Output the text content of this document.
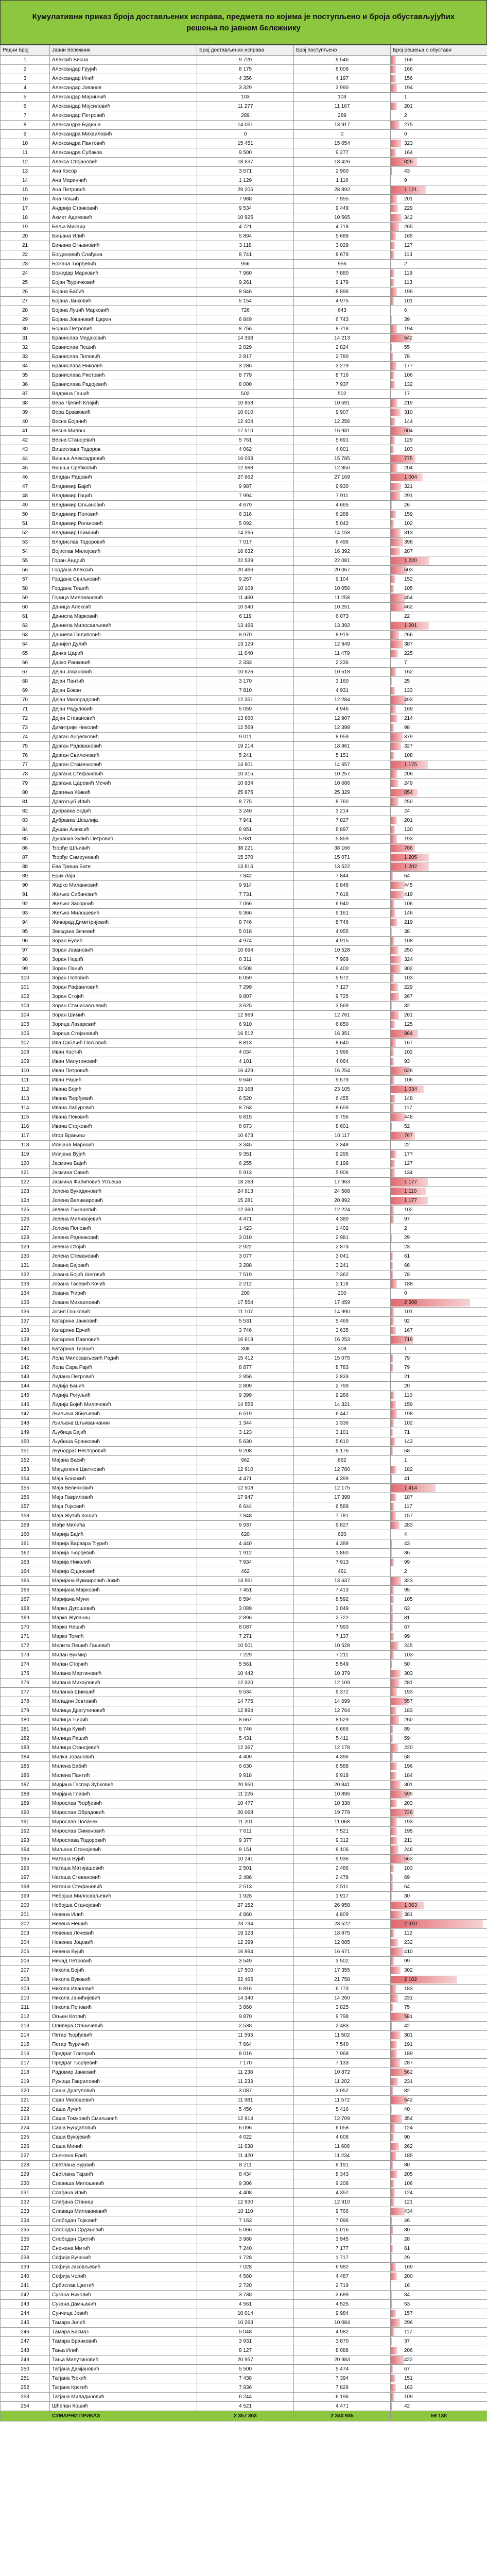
Кумулативни приказ броја достављених исправа, предмета по којима је поступљено и броја обустављујућих решења по јавном бележнику
Редни број	Јавни бележник	Број достављених исправа	Број поступљено	Број решења о обустави
1	Алексић Весна	9 720	9 546	166
2	Александар Грујић	8 175	8 008	166
3	Александар Илић	4 356	4 197	156
4	Александар Јованов	3 329	3 990	194
5	Александар Маринчић	103	103	1
6	Александар Мојсиловић	11 277	11 167	201
7	Александар Петровић	289	289	2
8	Александра Будиша	14 051	13 917	275
9	Александра Михаиловић	0	0	0
10	Александра Пантовић	15 451	15 054	323
11	Александра Субаков	9 500	9 277	164
12	Алекса Стојановић	18 637	18 426	826
13	Ана Косор	3 571	2 960	43
14	Ана Маринчић	1 129	1 110	9
15	Ана Петровић	29 205	28 892	1 121
16	Ана Чоњић	7 988	7 955	201
17	Андрија Станковић	9 534	9 449	229
18	Ахмет Адемовић	10 925	10 565	342
19	Беља Микаиџ	4 721	4 718	265
20	Бињана Илић	5 894	5 689	165
21	Бињана Огњановић	3 118	3 029	127
22	Богдановић Слађана	8 741	8 679	113
23	Божана Ђорђевић	956	956	2
24	Божидар Марковић	7 960	7 880	119
25	Бојан Ђуричковић	9 261	9 179	113
26	Бојана Бабић	8 946	8 896	199
27	Бојана Јанковић	5 154	4 975	101
28	Бојана Луцић Марковић	726	643	6
29	Бојана Јовановић Цврен	6 849	6 743	39
30	Бојана Петровић	8 756	8 718	194
31	Бранислав Медаковић	14 398	14 213	642
32	Бранислав Пешић	2 829	2 824	55
33	Бранислав Поповић	2 817	2 780	78
34	Бранислава Николић	3 286	3 279	177
35	Бранислава Ристовић	8 779	8 716	106
36	Бранислава Радојевић	8 000	7 937	132
37	Вадрина Гашић	502	502	17
38	Вера Пјевић Клајић	10 858	10 591	219
39	Вера Брзаковић	10 010	9 907	310
40	Весна Бојанић	12 404	12 256	144
41	Весна Милош	17 510	16 931	604
42	Весна Станојевић	5 761	5 691	129
43	Вишеслава Тодоров	4 062	4 001	103
44	Вишња Алексадровић	16 033	15 785	775
45	Вишња Срећковић	12 988	12 850	204
46	Владан Радовић	27 662	27 169	1 004
47	Владимир Бајић	9 987	9 930	321
48	Владимир Гоцић	7 994	7 911	291
49	Владимир Огњановић	4 679	4 665	26
50	Владимир Поповић	6 316	6 288	159
51	Владимир Рогановић	5 092	5 042	102
52	Владимир Шимшић	14 265	14 158	313
53	Владислав Тодоровић	7 017	6 496	398
54	Војислав Милојевић	16 632	16 392	287
55	Горан Андрић	22 539	22 081	1 220
56	Гордана Алексић	20 466	20 067	503
57	Гордана Свиљковић	9 267	9 104	152
58	Гордана Тешић	10 109	10 056	105
59	Горица Миловановић	11 460	11 258	454
60	Даница Алексић	10 540	10 251	462
61	Даниела Марковић	6 119	6 073	22
62	Даниела Милосављевић	13 466	13 392	1 201
63	Даниела Пилиповић	8 970	8 919	266
64	Данијел Дулић	13 129	12 949	387
65	Данка Царић	11 640	11 479	225
66	Дарко Ранковић	2 333	2 236	7
67	Дејан Јовановић	10 626	10 518	162
68	Дејан Пантић	3 170	3 160	25
69	Дејан Бокан	7 810	4 931	133
70	Дејан Милорадовић	12 351	12 284	493
71	Дејан Радуловић	5 059	4 946	169
72	Дејан Стевановић	13 660	12 907	214
73	Димитрије Николић	12 569	12 398	98
74	Драган Анђелковић	9 011	8 959	379
75	Драган Радовановић	19 214	18 961	327
76	Драган Свиленовић	5 241	5 151	108
77	Драган Стаменковић	14 901	14 657	1 175
78	Драгана Стефановић	10 315	10 257	206
79	Драгана Царевић Мечић	10 934	10 686	249
80	Драгињa Живић	25 875	25 329	854
81	Драгољуб Илић	8 775	8 760	250
82	Дубравка Бодић	3 240	3 214	24
83	Дубравка Шешлија	7 941	7 827	201
84	Душан Алексић	8 951	8 897	130
85	Душанка Зупић Петровић	5 931	5 859	193
86	Ђорђе Шљивић	38 221	38 166	766
87	Ђорђе Симеуновић	15 370	15 071	1 205
88	Ева Триша Бате	13 816	13 522	1 202
89	Ерик Лаја	7 842	7 844	64
90	Жарко Миланковић	9 914	9 848	445
91	Жељко Сибиновић	7 731	7 618	419
92	Жељко Засорнић	7 066	6 940	106
93	Жељко Милошевић	9 366	9 161	146
94	Живорад Димитријевић	8 746	8 746	219
95	Звездана Зечевић	5 018	4 955	38
96	Зоран Булић	4 974	4 915	108
97	Зоран Јовановић	10 694	10 528	250
98	Зоран Недић	8 311	7 969	324
99	Зоран Панић	9 508	9 400	302
100	Зоран Поповић	6 059	5 972	103
101	Зоран Рафаиловић	7 299	7 127	229
102	Зоран Стојић	9 807	9 725	267
103	Зоран Станисављевић	3 625	3 569	32
104	Зоран Шимић	12 969	12 761	261
105	Зорица Лазаревић	6 910	6 850	125
106	Зорица Стојановић	16 512	16 351	864
107	Ива Сабљић Пољовић	8 813	8 640	167
108	Иван Костић	4 034	3 996	102
109	Иван Милутиновић	4 101	4 064	93
110	Иван Петровић	16 429	16 254	626
111	Иван Рашић	9 640	9 579	106
112	Ивана Бојић	23 168	23 105	1 034
113	Ивана Ђорђевић	6 520	6 455	148
114	Ивана Лабуровић	8 763	8 659	117
115	Ивана Пековић	9 815	9 756	448
116	Ивана Стојковић	8 673	8 601	52
117	Игор Врањеш	10 673	10 117	767
118	Илијана Маринић	3 345	3 348	22
119	Илијана Вујић	9 351	9 295	177
120	Јасмина Бајић	6 255	6 198	127
121	Јасмина Савић	5 913	5 906	134
122	Јасмина Филиповић Угљеша	18 263	17 963	1 177
123	Јелена Вукадиновић	24 913	24 588	1 110
124	Јелена Велимировић	15 281	20 892	1 177
125	Јелена Ђукановић	12 360	12 224	102
126	Јелена Миливојевић	4 471	4 380	97
127	Јелена Поповић	1 423	1 402	2
128	Јелена Раденковић	3 010	2 981	29
129	Јелена Стојић	2 922	2 873	23
130	Јелена Стевановић	3 077	3 041	61
131	Јована Бајовић	3 288	3 241	66
132	Јована Бојић Шеговић	7 519	7 362	78
133	Јована Тасевић Кочић	2 212	2 118	188
134	Јована Ћирић	200	200	0
135	Јована Михаиловић	17 554	17 459	2 509
136	Јосип Гошковић	11 107	14 990	101
137	Катарина Јанковић	5 531	5 469	92
138	Катарина Ерчић	3 746	3 635	167
139	Катарина Павловић	16 619	16 253	719
140	Катарина Тијанић	308	308	1
141	Лела Милосављевић Радић	15 412	15 075	79
142	Лела Сара Рајић	8 877	8 783	79
143	Лидана Петровић	2 856	2 833	21
144	Лидија Банић	2 809	2 799	20
145	Лидија Рогуљић	9 399	9 286	110
146	Лидија Бојић Милочевић	14 555	14 321	159
147	Љиљана Збиљевић	6 519	6 447	198
148	Љиљана Шљиванчанин	1 344	1 336	102
149	Љубица Бајић	3 123	3 101	71
150	Љубиша Бранковић	5 630	5 610	143
151	Љубодраг Несторовић	9 208	9 176	58
152	Мајана Васић	962	862	1
153	Магдалена Цветковић	12 910	12 780	182
154	Маја Бонажић	4 471	4 399	41
155	Маја Величковић	12 508	12 175	1 414
156	Маја Гавриловић	17 947	17 398	187
157	Маја Гојковић	6 644	6 589	117
158	Маја Жутић Кошић	7 848	7 781	157
159	Мађе Милића	9 937	9 827	283
160	Марија Бајић	620	620	4
161	Марија Варвара Ђурић	4 440	4 389	43
162	Марија Ђорђевић	1 912	1 860	36
163	Марија Николић	7 934	7 913	99
164	Марија Ојдановић	462	461	2
165	Маријана Вукмировић Јокић	13 951	13 637	323
166	Маријана Марковић	7 451	7 413	95
167	Маријана Муни	8 594	8 592	105
168	Марко Дугошевић	3 089	3 049	63
169	Марко Жупанац	2 896	2 722	81
170	Марко Нешић	8 087	7 993	67
171	Марко Томић	7 271	7 137	99
172	Мелита Пешић Гашевић	10 501	10 528	245
173	Милан Вукмир	7 229	7 211	103
174	Милан Стојчић	5 561	5 549	50
175	Милана Мартиновић	10 442	10 379	303
176	Милана Михајловић	12 320	12 109	281
177	Миланка Шимшић	9 534	9 372	193
178	Миладин Јевтовић	14 775	14 699	557
179	Милица Драгутиновић	12 894	12 764	183
180	Милица Ћирић	8 667	8 529	260
181	Милица Кукић	6 746	6 666	89
182	Милица Рашић	5 431	5 411	59
183	Милица Станојевић	12 367	12 178	220
184	Милка Јовановић	4 409	4 396	58
185	Милена Бабић	6 630	6 588	196
186	Милена Пантић	9 918	9 918	184
187	Мирјана Гаспар Зубковић	20 950	20 841	301
188	Мирјана Главић	11 226	10 896	595
189	Мирослав Ђорђевић	10 477	10 338	203
190	Мирослав Обрадовић	20 068	19 779	726
191	Мирослав Полачек	11 201	11 068	193
192	Мирослав Симоновић	7 611	7 521	195
193	Мирослава Тодоровић	9 377	9 312	211
194	Миљана Станојевић	8 151	8 106	246
195	Наташа Вујић	10 241	9 936	563
196	Наташа Матијашевић	2 501	2 486	103
197	Наташа Стевановић	2 486	2 478	69
198	Наташа Стефановић	2 513	2 511	64
199	Небојша Милосављевић	1 926	1 917	30
200	Небојша Станојевић	27 152	26 958	1 063
201	Невена Илић	4 860	4 809	381
202	Невена Нешић	23 734	23 522	2 910
203	Невенка Лечевић	19 123	18 975	112
204	Невенка Јоцовић	12 399	12 085	232
205	Невена Вујић	16 894	16 671	410
206	Ненад Петровић	3 549	3 502	99
207	Никола Бојић	17 500	17 355	302
208	Никола Вуковић	22 465	21 758	2 102
209	Никола Ивановић	6 816	6 773	183
210	Никола Јанићијевић	14 340	14 260	231
211	Никола Поповић	3 860	3 825	75
212	Огњен Котлић	9 870	9 798	581
213	Оливера Станичевић	2 538	2 483	42
214	Петар Ђорђевић	11 593	11 502	301
215	Петар Ђуричић	7 664	7 540	191
216	Предраг Глигорић	8 016	7 968	189
217	Предраг Ђорђевић	7 170	7 133	287
218	Радомир Јанковић	11 238	10 872	562
219	Ружица Гавриловић	11 233	11 202	231
220	Саша Драгуловић	3 087	3 052	82
221	Саво Милошевић	11 981	11 572	542
222	Саша Лучић	5 456	5 416	40
223	Саша Томковић Смиљанић	12 914	12 709	354
224	Саша Бундаловић	6 096	6 058	124
225	Саша Вукојевић	4 022	4 008	90
226	Саша Минић	11 638	11 606	262
227	Снежана Ерић	11 420	11 234	185
228	Светлана Вујовић	8 211	8 191	80
229	Светлана Тарзић	8 434	8 343	205
230	Славиша Милошевић	9 306	9 208	106
231	Слађана Илић	4 408	4 352	124
232	Слађана Станиш	12 930	12 910	121
233	Славица Миловановић	10 110	9 766	434
234	Слободан Гојковић	7 163	7 096	46
235	Слободан Срдановић	5 066	5 016	80
236	Слободан Сретић	3 988	3 945	28
237	Снежана Митић	7 240	7 177	61
238	Софија Вученић	1 728	1 717	29
239	Софија Јаковљевић	7 028	6 982	169
240	Софија Чолић	4 560	4 487	200
241	Србислав Цветић	2 720	2 719	16
242	Сузана Николић	3 738	3 689	34
243	Сузана Дамњанић	4 561	4 525	53
244	Сунчица Јовић	10 014	9 984	157
245	Тамара Јолић	10 263	10 084	296
246	Тамара Бакмаз	5 048	4 982	117
247	Тамара Бранковић	3 931	3 870	37
248	Тања Илић	8 127	8 088	206
249	Тања Милутиновић	20 957	20 983	422
250	Татјана Дамјановић	5 500	5 474	67
251	Татјана Ђокић	7 438	7 394	151
252	Татјана Крстић	7 936	7 826	163
253	Татјана Миладиновић	6 244	6 196	109
254	Шћепан Кошић	4 521	4 471	42
	СУМАРНИ ПРИКАЗ	2 357 363	2 340 935	59 138
